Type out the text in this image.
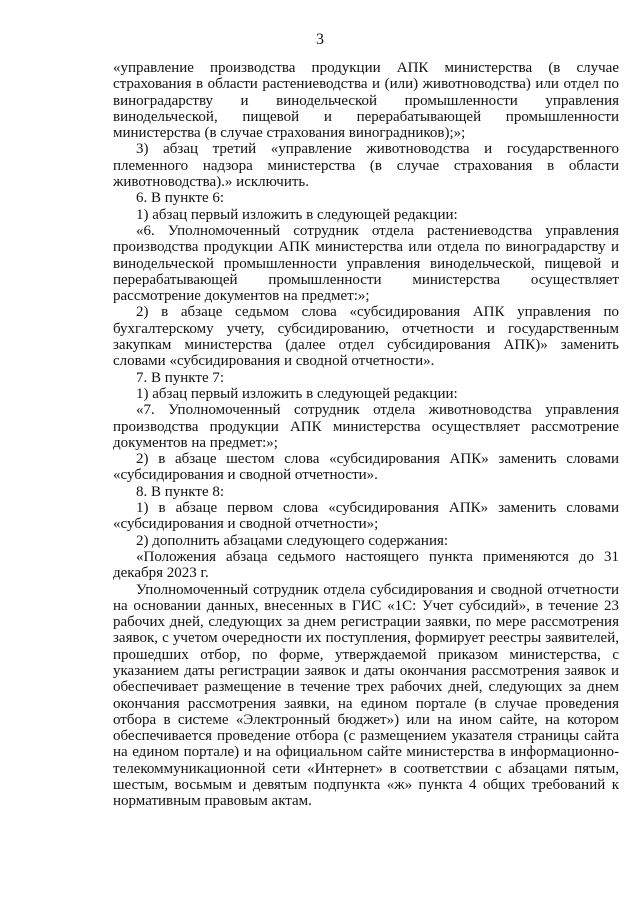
3

«управление производства продукции АПК министерства (в случае страхования в области растениеводства и (или) животноводства) или отдел по виноградарству и винодельческой промышленности управления винодельческой, пищевой и перерабатывающей промышленности министерства (в случае страхования виноградников);»;

3) абзац третий «управление животноводства и государственного племенного надзора министерства (в случае страхования в области животноводства).» исключить.

6. В пункте 6:

1) абзац первый изложить в следующей редакции:

«6. Уполномоченный сотрудник отдела растениеводства управления производства продукции АПК министерства или отдела по виноградарству и винодельческой промышленности управления винодельческой, пищевой и перерабатывающей промышленности министерства осуществляет рассмотрение документов на предмет:»;

2) в абзаце седьмом слова «субсидирования АПК управления по бухгалтерскому учету, субсидированию, отчетности и государственным закупкам министерства (далее отдел субсидирования АПК)» заменить словами «субсидирования и сводной отчетности».

7. В пункте 7:

1) абзац первый изложить в следующей редакции:

«7. Уполномоченный сотрудник отдела животноводства управления производства продукции АПК министерства осуществляет рассмотрение документов на предмет:»;

2) в абзаце шестом слова «субсидирования АПК» заменить словами «субсидирования и сводной отчетности».

8. В пункте 8:

1) в абзаце первом слова «субсидирования АПК» заменить словами «субсидирования и сводной отчетности»;

2) дополнить абзацами следующего содержания:

«Положения абзаца седьмого настоящего пункта применяются до 31 декабря 2023 г.

Уполномоченный сотрудник отдела субсидирования и сводной отчетности на основании данных, внесенных в ГИС «1С: Учет субсидий», в течение 23 рабочих дней, следующих за днем регистрации заявки, по мере рассмотрения заявок, с учетом очередности их поступления, формирует реестры заявителей, прошедших отбор, по форме, утверждаемой приказом министерства, с указанием даты регистрации заявок и даты окончания рассмотрения заявок и обеспечивает размещение в течение трех рабочих дней, следующих за днем окончания рассмотрения заявки, на едином портале (в случае проведения отбора в системе «Электронный бюджет») или на ином сайте, на котором обеспечивается проведение отбора (с размещением указателя страницы сайта на едином портале) и на официальном сайте министерства в информационно-телекоммуникационной сети «Интернет» в соответствии с абзацами пятым, шестым, восьмым и девятым подпункта «ж» пункта 4 общих требований к нормативным правовым актам.
